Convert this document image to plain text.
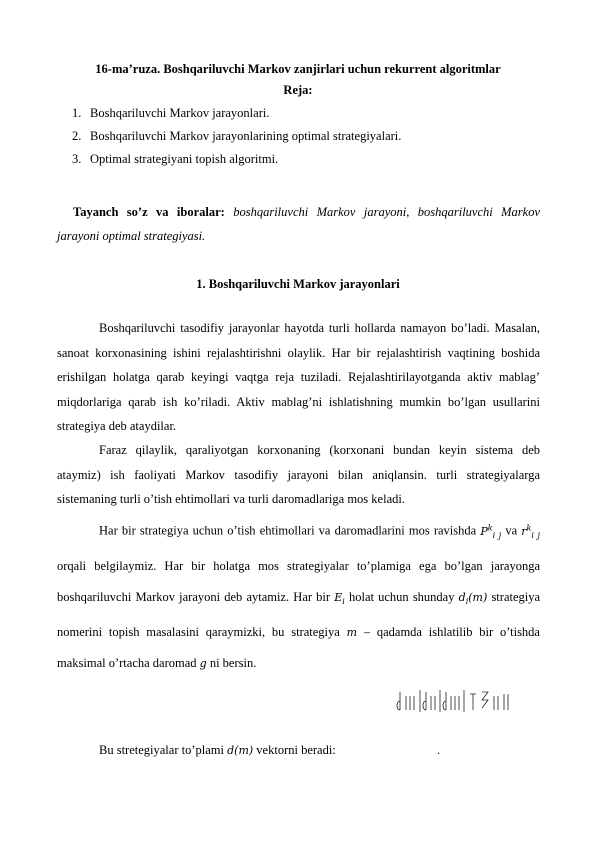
16-ma’ruza. Boshqariluvchi Markov zanjirlari uchun rekurrent algoritmlar
Reja:
1. Boshqariluvchi Markov jarayonlari.
2. Boshqariluvchi Markov jarayonlarining optimal strategiyalari.
3. Optimal strategiyani topish algoritmi.
Tayanch so’z va iboralar: boshqariluvchi Markov jarayoni, boshqariluvchi Markov jarayoni optimal strategiyasi.
1. Boshqariluvchi Markov jarayonlari
Boshqariluvchi tasodifiy jarayonlar hayotda turli hollarda namayon bo’ladi. Masalan, sanoat korxonasining ishini rejalashtirishni olaylik. Har bir rejalashtirish vaqtining boshida erishilgan holatga qarab keyingi vaqtga reja tuziladi. Rejalashtirilayotganda aktiv mablag’ miqdorlariga qarab ish ko’riladi. Aktiv mablag’ni ishlatishning mumkin bo’lgan usullarini strategiya deb ataydilar.
Faraz qilaylik, qaraliyotgan korxonaning (korxonani bundan keyin sistema deb ataymiz) ish faoliyati Markov tasodifiy jarayoni bilan aniqlansin. turli strategiyalarga sistemaning turli o’tish ehtimollari va turli daromadlariga mos keladi.
Har bir strategiya uchun o’tish ehtimollari va daromadlarini mos ravishda $P^k_{i j}$ va $r^k_{i j}$ orqali belgilaymiz. Har bir holatga mos strategiyalar to’plamiga ega bo’lgan jarayonga boshqariluvchi Markov jarayoni deb aytamiz. Har bir $E_i$ holat uchun shunday $d_i(m)$ strategiya nomerini topish masalasini qaraymizki, bu strategiya m – qadamda ishlatilib bir o’tishda maksimal o’rtacha daromad g ni bersin.
Bu stretegiyalar to’plami d(m) vektorni beradi:	.
